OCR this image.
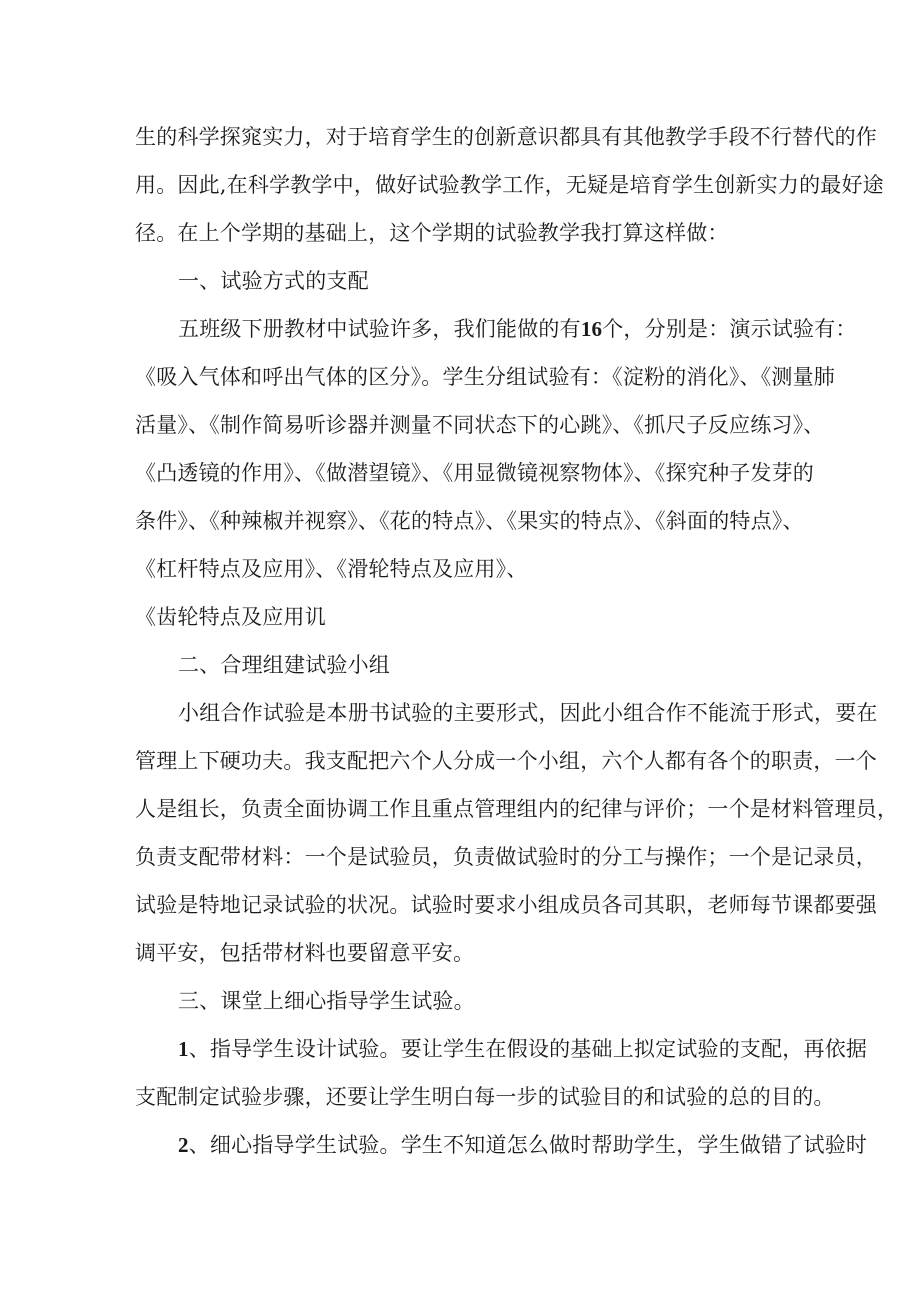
生的科学探窕实力，对于培育学生的创新意识都具有其他教学手段不行替代的作
用。因此,在科学教学中，做好试验教学工作，无疑是培育学生创新实力的最好途
径。在上个学期的基础上，这个学期的试验教学我打算这样做：
一、试验方式的支配
五班级下册教材中试验许多，我们能做的有16个，分别是：演示试验有：
《吸入气体和呼出气体的区分》。学生分组试验有：《淀粉的消化》、《测量肺
活量》、《制作简易听诊器并测量不同状态下的心跳》、《抓尺子反应练习》、
《凸透镜的作用》、《做潜望镜》、《用显微镜视察物体》、《探究种子发芽的
条件》、《种辣椒并视察》、《花的特点》、《果实的特点》、《斜面的特点》、
《杠杆特点及应用》、《滑轮特点及应用》、
《齿轮特点及应用讥
二、合理组建试验小组
小组合作试验是本册书试验的主要形式，因此小组合作不能流于形式，要在
管理上下硬功夫。我支配把六个人分成一个小组，六个人都有各个的职责，一个
人是组长，负责全面协调工作且重点管理组内的纪律与评价；一个是材料管理员，
负责支配带材料：一个是试验员，负责做试验时的分工与操作；一个是记录员，
试验是特地记录试验的状况。试验时要求小组成员各司其职，老师每节课都要强
调平安，包括带材料也要留意平安。
三、课堂上细心指导学生试验。
1、指导学生设计试验。要让学生在假设的基础上拟定试验的支配，再依据
支配制定试验步骤，还要让学生明白每一步的试验目的和试验的总的目的。
2、细心指导学生试验。学生不知道怎么做时帮助学生，学生做错了试验时
